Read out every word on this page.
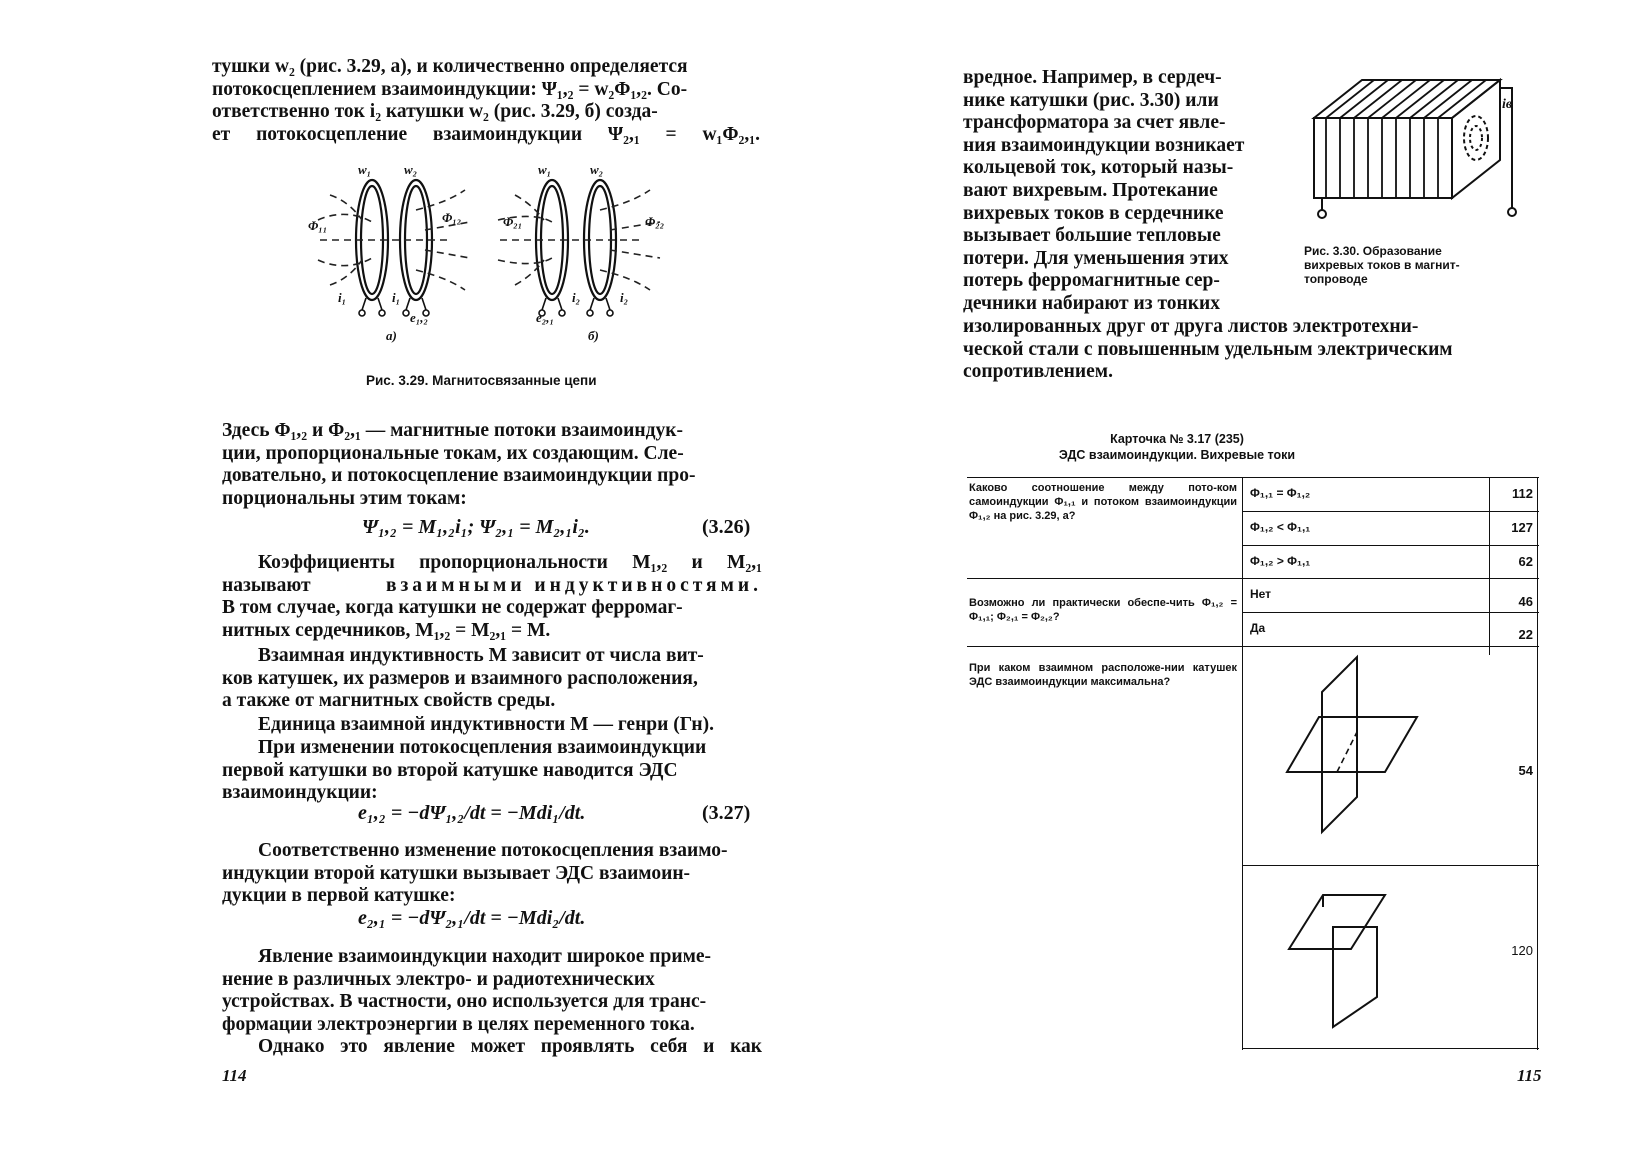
тушки w₂ (рис. 3.29, а), и количественно определяется
потокосцеплением взаимоиндукции: Ψ₁,₂ = w₂Φ₁,₂. Со-
ответственно ток i₂ катушки w₂ (рис. 3.29, б) созда-
ет потокосцепление взаимоиндукции Ψ₂,₁ = w₁Φ₂,₁.
w₁	w₂
Φ₁₁
Φ₁₂
i₁	i₁
e₁,₂
w₁	w₂
Φ₂₁	Φ₂₂
i₂	i₂
e₂,₁
а)	б)
Рис. 3.29. Магнитосвязанные цепи
Здесь Φ₁,₂ и Φ₂,₁ — магнитные потоки взаимоиндук-
ции, пропорциональные токам, их создающим. Сле-
довательно, и потокосцепление взаимоиндукции про-
порциональны этим токам:
Ψ₁,₂ = M₁,₂i₁; Ψ₂,₁ = M₂,₁i₂.	(3.26)
Коэффициенты пропорциональности M₁,₂ и M₂,₁
называют	взаимными индуктивностями.
В том случае, когда катушки не содержат ферромаг-
нитных сердечников, M₁,₂ = M₂,₁ = M.
Взаимная индуктивность M зависит от числа вит-
ков катушек, их размеров и взаимного расположения,
а также от магнитных свойств среды.
Единица взаимной индуктивности M — генри (Гн).
При изменении потокосцепления взаимоиндукции
первой катушки во второй катушке наводится ЭДС
взаимоиндукции:
e₁,₂ = −dΨ₁,₂/dt = −Mdi₁/dt.	(3.27)
Соответственно изменение потокосцепления взаимо-
индукции второй катушки вызывает ЭДС взаимоин-
дукции в первой катушке:
e₂,₁ = −dΨ₂,₁/dt = −Mdi₂/dt.
Явление взаимоиндукции находит широкое приме-
нение в различных электро- и радиотехнических
устройствах. В частности, оно используется для транс-
формации электроэнергии в целях переменного тока.
Однако это явление может проявлять себя и как
114
вредное. Например, в сердеч-
нике катушки (рис. 3.30) или
трансформатора за счет явле-
ния взаимоиндукции возникает
кольцевой ток, который назы-
вают вихревым. Протекание
вихревых токов в сердечнике
вызывает большие тепловые
потери. Для уменьшения этих
потерь ферромагнитные сер-
дечники набирают из тонких
изолированных друг от друга листов электротехни-
ческой стали с повышенным удельным электрическим
сопротивлением.
iв
Рис. 3.30. Образование
вихревых токов в магнит-
топроводе
Карточка № 3.17 (235)
ЭДС взаимоиндукции. Вихревые токи
Каково соотношение между пото-ком самоиндукции Φ₁,₁ и потоком взаимоиндукции Φ₁,₂ на рис. 3.29, а?
Φ₁,₁ = Φ₁,₂	112
Φ₁,₂ < Φ₁,₁	127
Φ₁,₂ > Φ₁,₁	62
Возможно ли практически обеспе-чить Φ₁,₂ = Φ₁,₁; Φ₂,₁ = Φ₂,₂?
Нет	46
Да	22
При каком взаимном расположе-нии катушек ЭДС взаимоиндукции максимальна?
54
120
115
